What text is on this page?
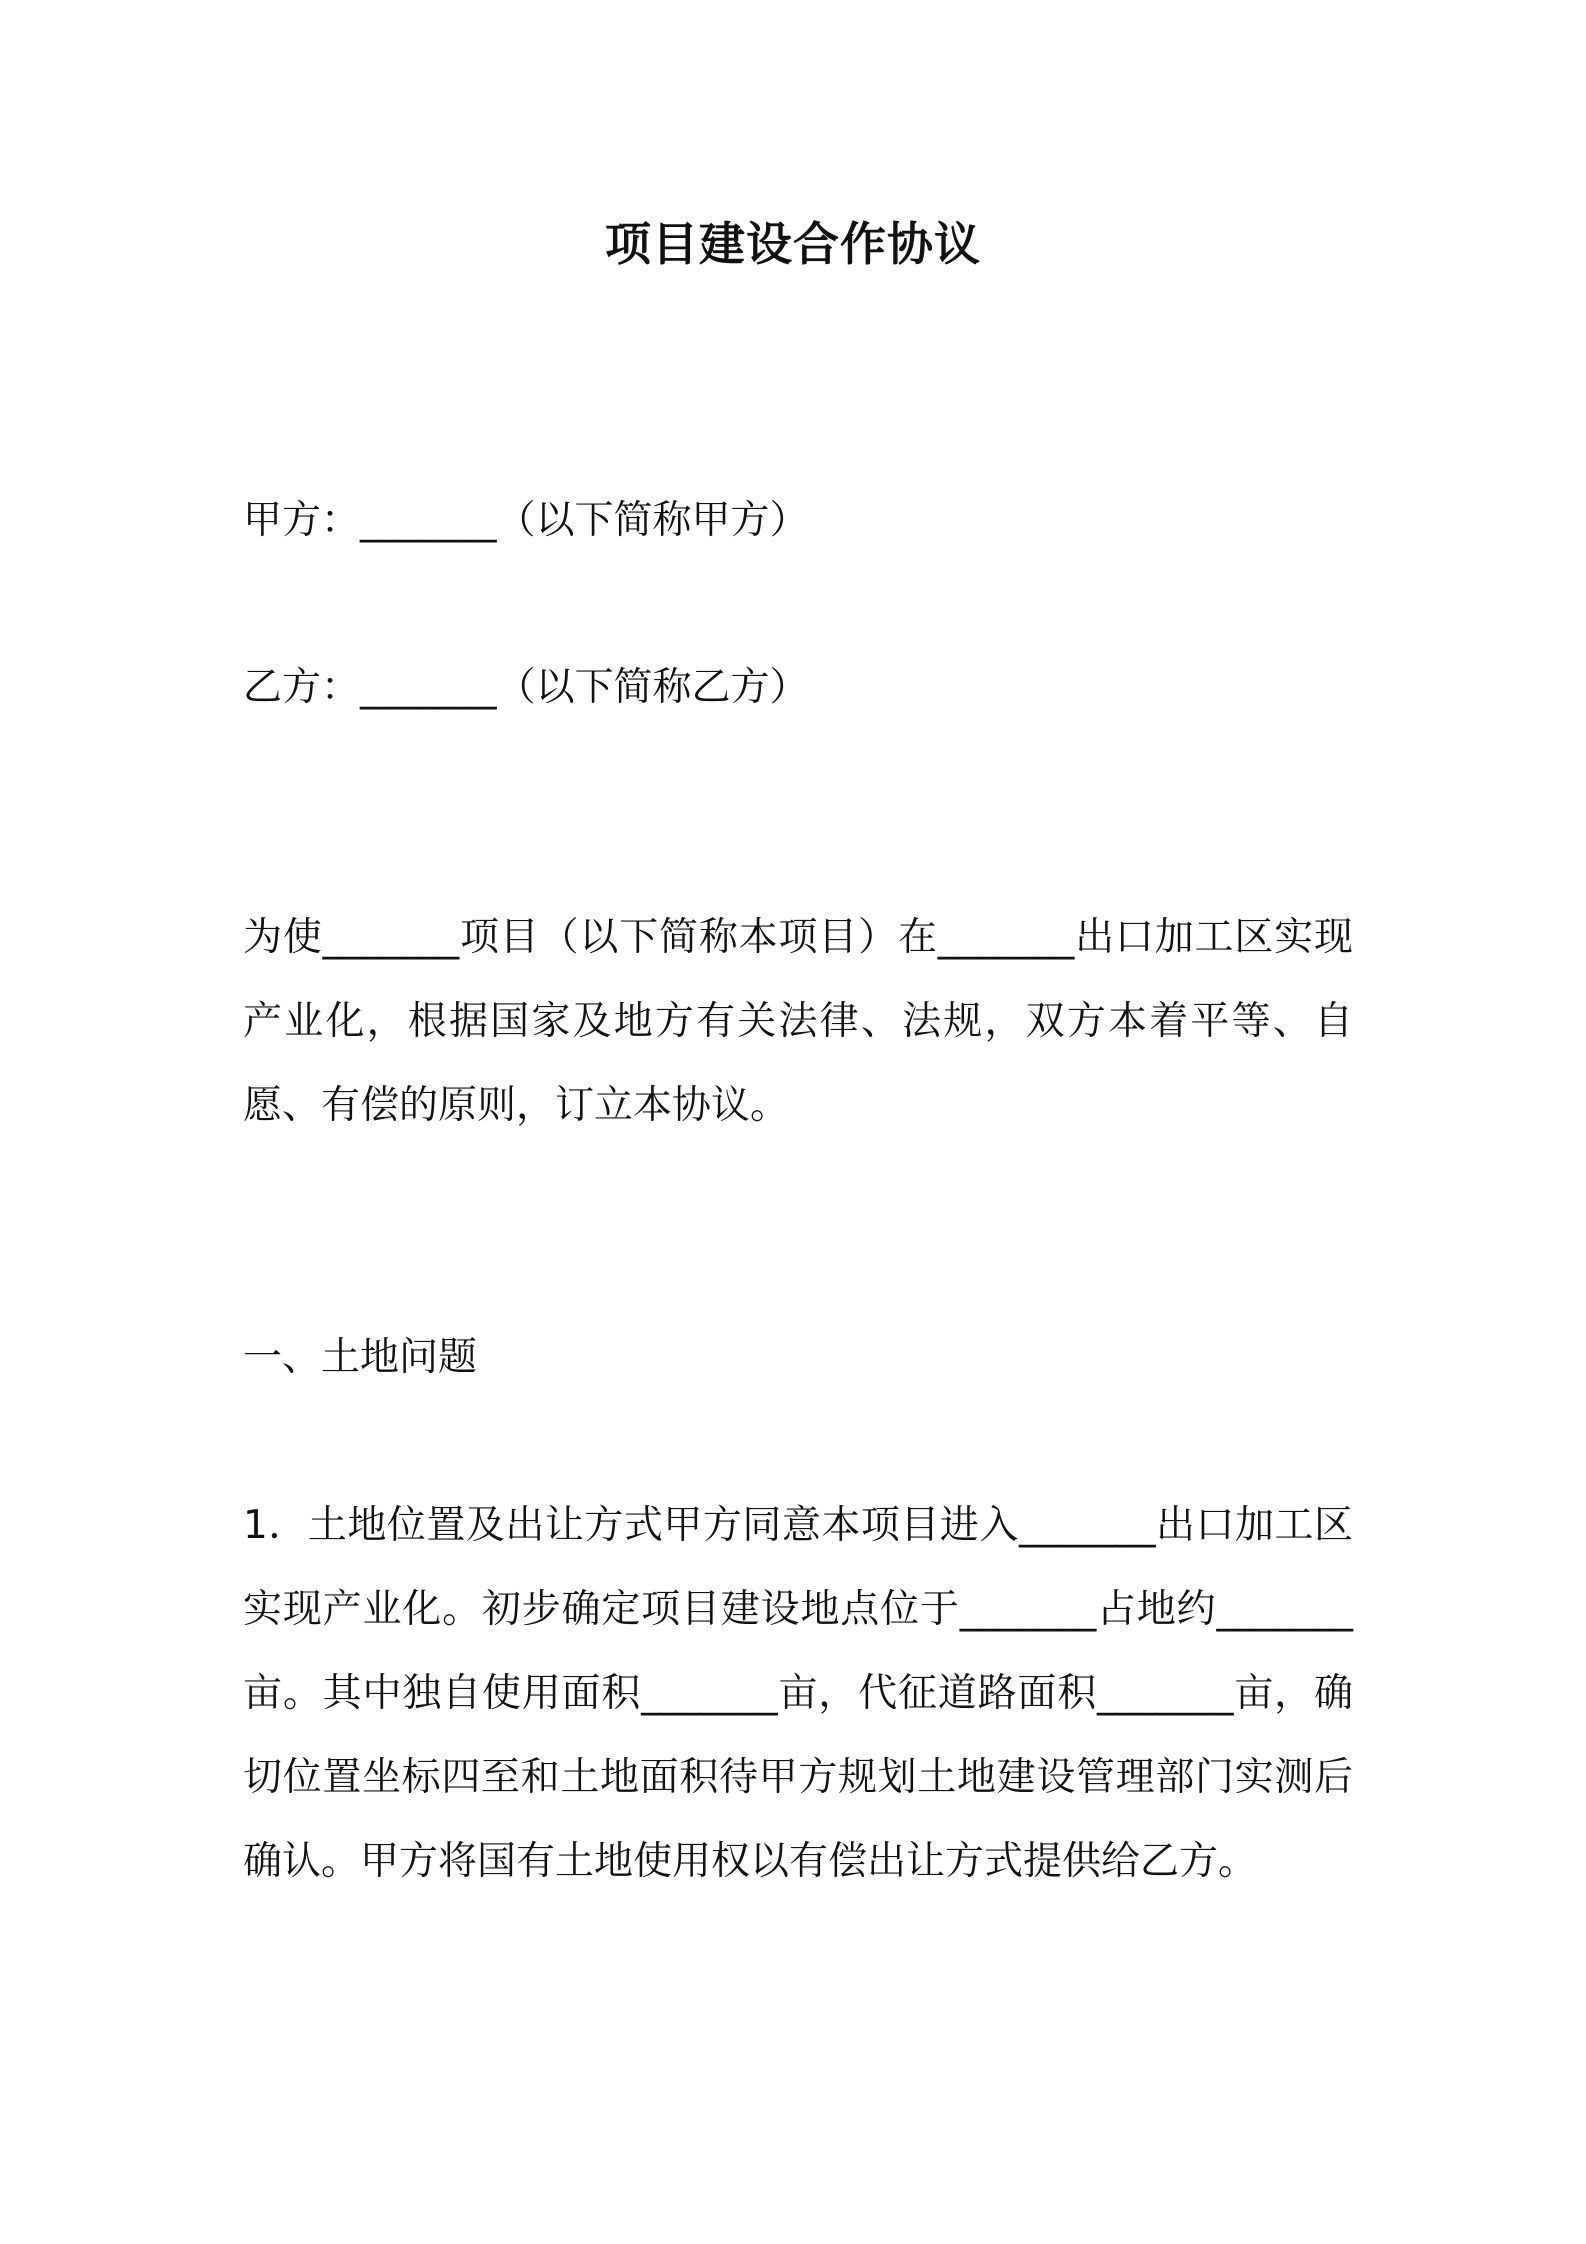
项目建设合作协议
甲方：_______（以下简称甲方）
乙方：_______（以下简称乙方）
为使_______项目（以下简称本项目）在_______出口加工区实现产业化，根据国家及地方有关法律、法规，双方本着平等、自愿、有偿的原则，订立本协议。
一、土地问题
1．土地位置及出让方式甲方同意本项目进入_______出口加工区实现产业化。初步确定项目建设地点位于_______占地约_______亩。其中独自使用面积_______亩，代征道路面积_______亩，确切位置坐标四至和土地面积待甲方规划土地建设管理部门实测后确认。甲方将国有土地使用权以有偿出让方式提供给乙方。
